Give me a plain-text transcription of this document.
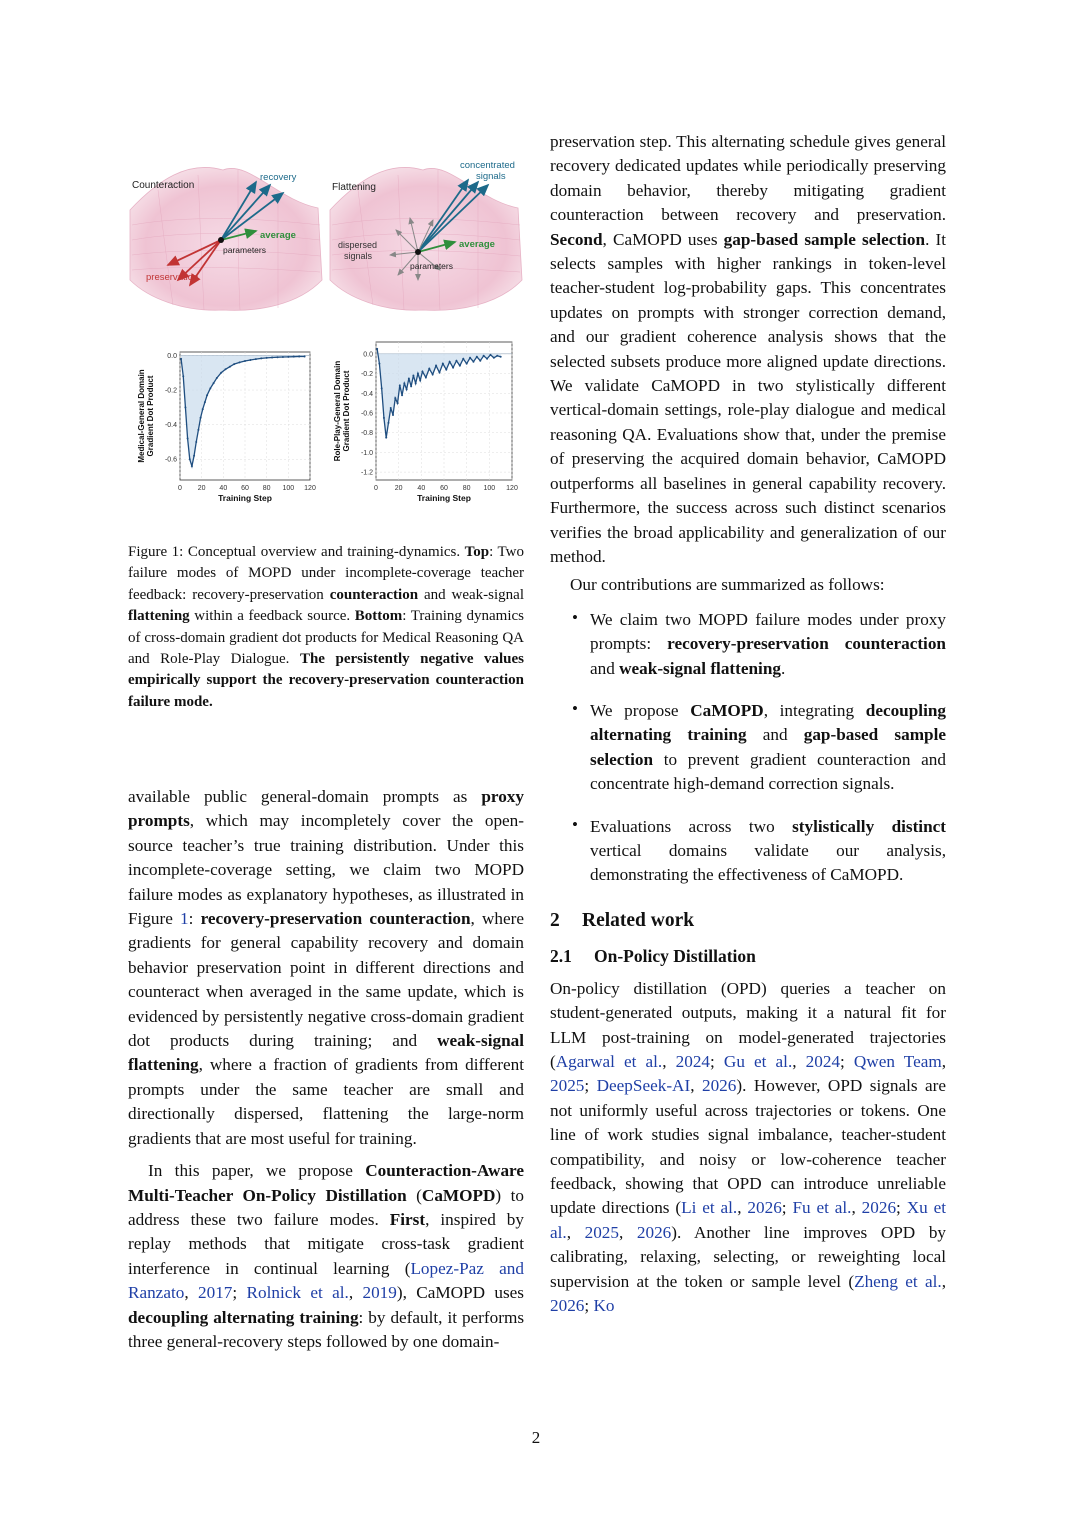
Counteraction
recovery
average
preservation
parameters
Flattening
concentrated
signals
average
dispersed
signals
parameters
0 20 40 60 80 100 120
0.0
-0.2
-0.4
-0.6
Training Step
Medical-General Domain Gradient Dot Product
0 20 40 60 80 100 120
0.0
-0.2
-0.4
-0.6
-0.8
-1.0
-1.2
Training Step
Role-Play-General Domain Gradient Dot Product

Figure 1: Conceptual overview and training-dynamics. Top: Two failure modes of MOPD under incomplete-coverage teacher feedback: recovery-preservation counteraction and weak-signal flattening within a feedback source. Bottom: Training dynamics of cross-domain gradient dot products for Medical Reasoning QA and Role-Play Dialogue. The persistently negative values empirically support the recovery-preservation counteraction failure mode.

available public general-domain prompts as proxy prompts, which may incompletely cover the open-source teacher’s true training distribution. Under this incomplete-coverage setting, we claim two MOPD failure modes as explanatory hypotheses, as illustrated in Figure 1: recovery-preservation counteraction, where gradients for general capability recovery and domain behavior preservation point in different directions and counteract when averaged in the same update, which is evidenced by persistently negative cross-domain gradient dot products during training; and weak-signal flattening, where a fraction of gradients from different prompts under the same teacher are small and directionally dispersed, flattening the large-norm gradients that are most useful for training.

In this paper, we propose Counteraction-Aware Multi-Teacher On-Policy Distillation (CaMOPD) to address these two failure modes. First, inspired by replay methods that mitigate cross-task gradient interference in continual learning (Lopez-Paz and Ranzato, 2017; Rolnick et al., 2019), CaMOPD uses decoupling alternating training: by default, it performs three general-recovery steps followed by one domain-

preservation step. This alternating schedule gives general recovery dedicated updates while periodically preserving domain behavior, thereby mitigating gradient counteraction between recovery and preservation. Second, CaMOPD uses gap-based sample selection. It selects samples with higher rankings in token-level teacher-student log-probability gaps. This concentrates updates on prompts with stronger correction demand, and our gradient coherence analysis shows that the selected subsets produce more aligned update directions. We validate CaMOPD in two stylistically different vertical-domain settings, role-play dialogue and medical reasoning QA. Evaluations show that, under the premise of preserving the acquired domain behavior, CaMOPD outperforms all baselines in general capability recovery. Furthermore, the success across such distinct scenarios verifies the broad applicability and generalization of our method.

Our contributions are summarized as follows:

• We claim two MOPD failure modes under proxy prompts: recovery-preservation counteraction and weak-signal flattening.

• We propose CaMOPD, integrating decoupling alternating training and gap-based sample selection to prevent gradient counteraction and concentrate high-demand correction signals.

• Evaluations across two stylistically distinct vertical domains validate our analysis, demonstrating the effectiveness of CaMOPD.

2 Related work
2.1 On-Policy Distillation

On-policy distillation (OPD) queries a teacher on student-generated outputs, making it a natural fit for LLM post-training on model-generated trajectories (Agarwal et al., 2024; Gu et al., 2024; Qwen Team, 2025; DeepSeek-AI, 2026). However, OPD signals are not uniformly useful across trajectories or tokens. One line of work studies signal imbalance, teacher-student compatibility, and noisy or low-coherence teacher feedback, showing that OPD can introduce unreliable update directions (Li et al., 2026; Fu et al., 2026; Xu et al., 2025, 2026). Another line improves OPD by calibrating, relaxing, selecting, or reweighting local supervision at the token or sample level (Zheng et al., 2026; Ko

2
